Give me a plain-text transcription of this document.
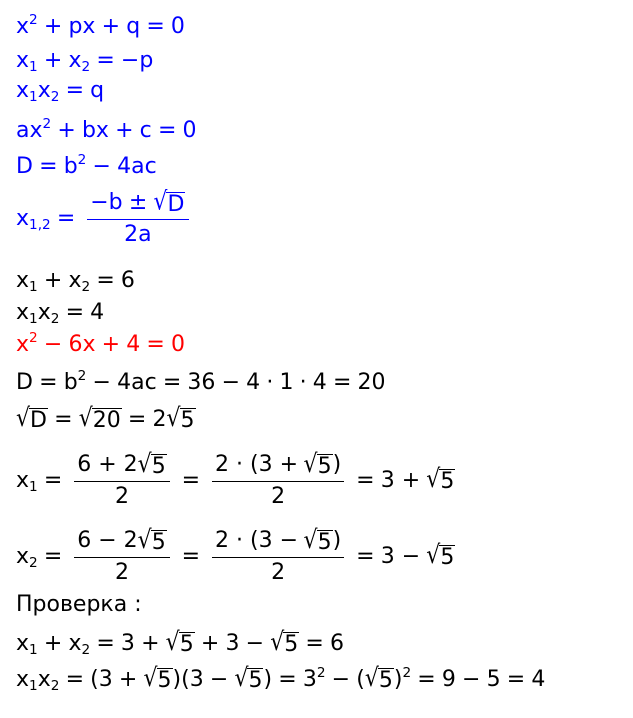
$x^2$ + px + q = 0
$x_1 + x_2 = -p$
$x_1x_2 = q$
$ax^2$ + bx + c = 0
$D = b^2 - 4ac$
$x_{1,2} = \frac{-b \pm √ D}{2a}$
$x_1 + x_2 = 6$
$x_1x_2 = 4$
$x^2 - 6x + 4 = 0$
$D = b^2 - 4ac = 36 - 4 \cdot 1 \cdot 4 = 20$
√ D = √ 20 = 2 √ 5
$x_1 = \frac{6 + 2 √ 5}{2} = \frac{2 \cdot (3 + √ 5 )}{2} = 3$ + √ 5
$x_2 = \frac{6 - 2 √ 5}{2} = \frac{2 \cdot (3 - √ 5 )}{2} = 3$ − √ 5
Проверка :
$x_1 + x_2 = 3$ + √ 5 + 3 − √ 5 = 6
$x_1x_2 = (3$ + √ 5 )(3 − √ 5 ) = $3^2$ − ( √ 5 )$^2$ = 9 − 5 = 4
